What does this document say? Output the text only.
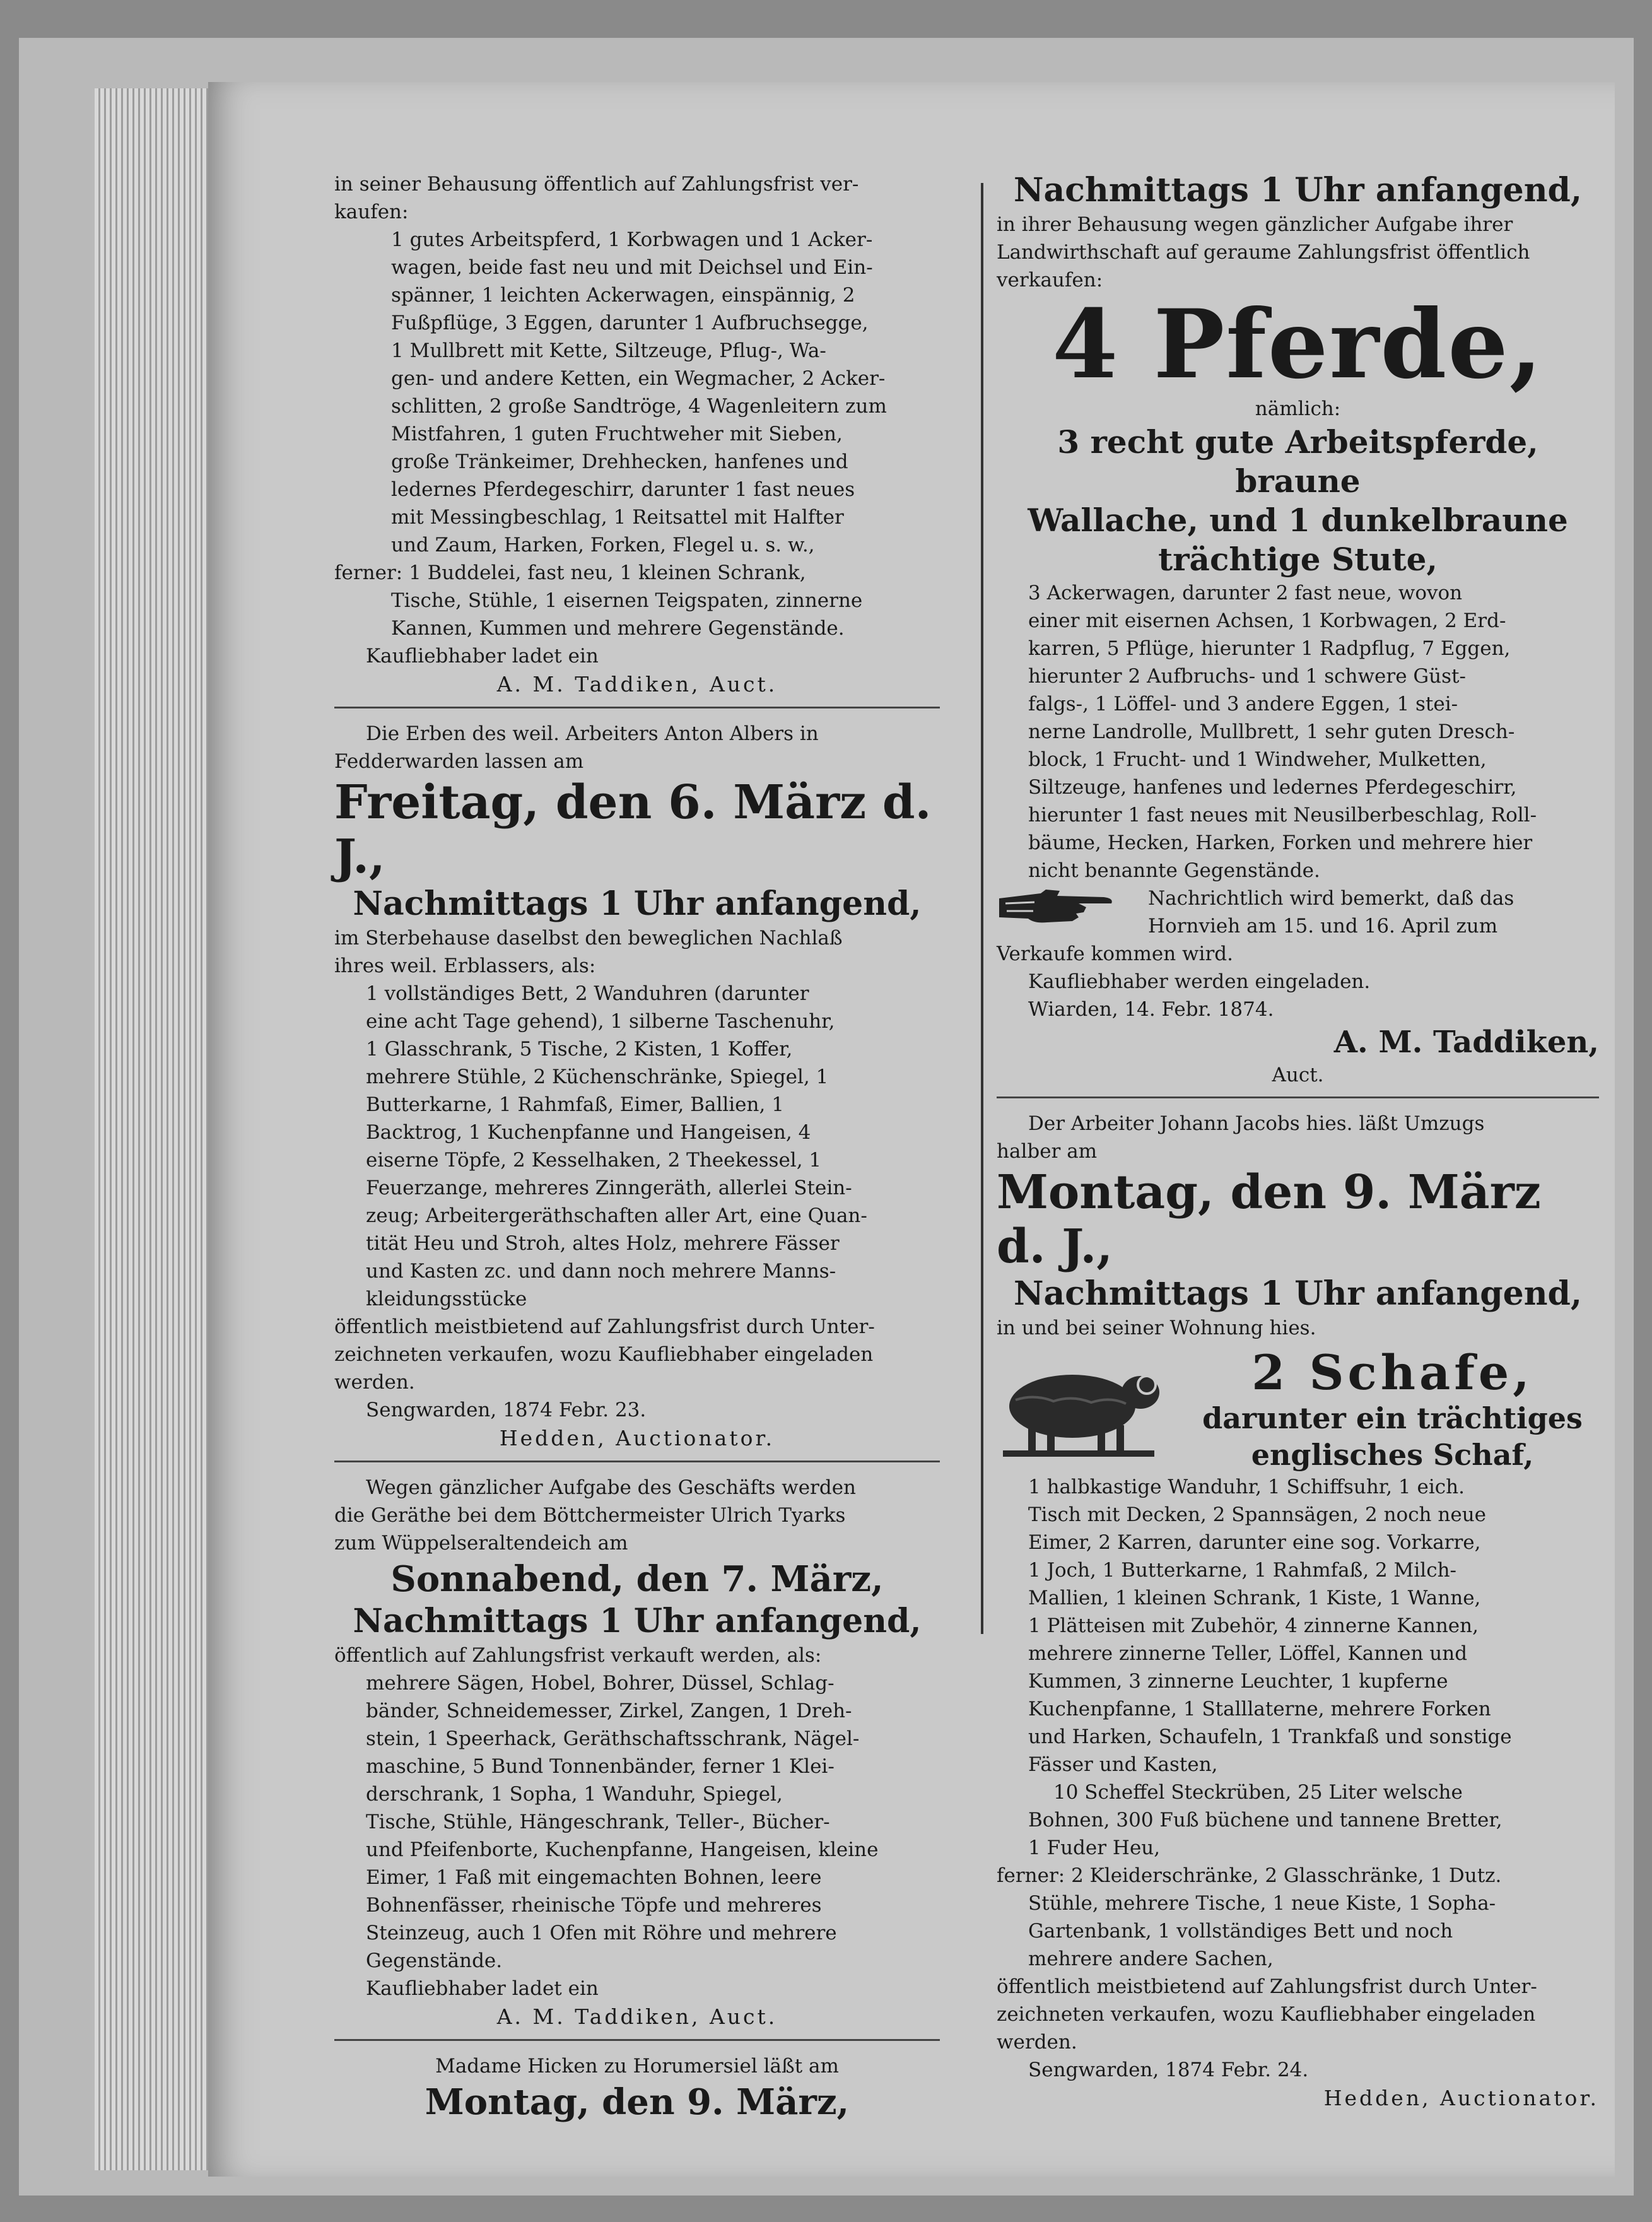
in seiner Behausung öffentlich auf Zahlungsfrist ver-

kaufen:

1 gutes Arbeitspferd, 1 Korbwagen und 1 Acker-

wagen, beide fast neu und mit Deichsel und Ein-

spänner, 1 leichten Ackerwagen, einspännig, 2

Fußpflüge, 3 Eggen, darunter 1 Aufbruchsegge,

1 Mullbrett mit Kette, Siltzeuge, Pflug-, Wa-

gen- und andere Ketten, ein Wegmacher, 2 Acker-

schlitten, 2 große Sandtröge, 4 Wagenleitern zum

Mistfahren, 1 guten Fruchtweher mit Sieben,

große Tränkeimer, Drehhecken, hanfenes und

ledernes Pferdegeschirr, darunter 1 fast neues

mit Messingbeschlag, 1 Reitsattel mit Halfter

und Zaum, Harken, Forken, Flegel u. s. w.,

ferner: 1 Buddelei, fast neu, 1 kleinen Schrank,

Tische, Stühle, 1 eisernen Teigspaten, zinnerne

Kannen, Kummen und mehrere Gegenstände.

Kaufliebhaber ladet ein

A. M. Taddiken, Auct.

Die Erben des weil. Arbeiters Anton Albers in

Fedderwarden lassen am

Freitag, den 6. März d. J.,

Nachmittags 1 Uhr anfangend,

im Sterbehause daselbst den beweglichen Nachlaß

ihres weil. Erblassers, als:

1 vollständiges Bett, 2 Wanduhren (darunter

eine acht Tage gehend), 1 silberne Taschenuhr,

1 Glasschrank, 5 Tische, 2 Kisten, 1 Koffer,

mehrere Stühle, 2 Küchenschränke, Spiegel, 1

Butterkarne, 1 Rahmfaß, Eimer, Ballien, 1

Backtrog, 1 Kuchenpfanne und Hangeisen, 4

eiserne Töpfe, 2 Kesselhaken, 2 Theekessel, 1

Feuerzange, mehreres Zinngeräth, allerlei Stein-

zeug; Arbeitergeräthschaften aller Art, eine Quan-

tität Heu und Stroh, altes Holz, mehrere Fässer

und Kasten zc. und dann noch mehrere Manns-

kleidungsstücke

öffentlich meistbietend auf Zahlungsfrist durch Unter-

zeichneten verkaufen, wozu Kaufliebhaber eingeladen

werden.

Sengwarden, 1874 Febr. 23.

Hedden, Auctionator.

Wegen gänzlicher Aufgabe des Geschäfts werden

die Geräthe bei dem Böttchermeister Ulrich Tyarks

zum Wüppelseraltendeich am

Sonnabend, den 7. März,

Nachmittags 1 Uhr anfangend,

öffentlich auf Zahlungsfrist verkauft werden, als:

mehrere Sägen, Hobel, Bohrer, Düssel, Schlag-

bänder, Schneidemesser, Zirkel, Zangen, 1 Dreh-

stein, 1 Speerhack, Geräthschaftsschrank, Nägel-

maschine, 5 Bund Tonnenbänder, ferner 1 Klei-

derschrank, 1 Sopha, 1 Wanduhr, Spiegel,

Tische, Stühle, Hängeschrank, Teller-, Bücher-

und Pfeifenborte, Kuchenpfanne, Hangeisen, kleine

Eimer, 1 Faß mit eingemachten Bohnen, leere

Bohnenfässer, rheinische Töpfe und mehreres

Steinzeug, auch 1 Ofen mit Röhre und mehrere

Gegenstände.

Kaufliebhaber ladet ein

A. M. Taddiken, Auct.

Madame Hicken zu Horumersiel läßt am

Montag, den 9. März,

Nachmittags 1 Uhr anfangend,

in ihrer Behausung wegen gänzlicher Aufgabe ihrer

Landwirthschaft auf geraume Zahlungsfrist öffentlich

verkaufen:

4 Pferde,

nämlich:

3 recht gute Arbeitspferde, braune

Wallache, und 1 dunkelbraune

trächtige Stute,

3 Ackerwagen, darunter 2 fast neue, wovon

einer mit eisernen Achsen, 1 Korbwagen, 2 Erd-

karren, 5 Pflüge, hierunter 1 Radpflug, 7 Eggen,

hierunter 2 Aufbruchs- und 1 schwere Güst-

falgs-, 1 Löffel- und 3 andere Eggen, 1 stei-

nerne Landrolle, Mullbrett, 1 sehr guten Dresch-

block, 1 Frucht- und 1 Windweher, Mulketten,

Siltzeuge, hanfenes und ledernes Pferdegeschirr,

hierunter 1 fast neues mit Neusilberbeschlag, Roll-

bäume, Hecken, Harken, Forken und mehrere hier

nicht benannte Gegenstände.

Nachrichtlich wird bemerkt, daß das

Hornvieh am 15. und 16. April zum

Verkaufe kommen wird.

Kaufliebhaber werden eingeladen.

Wiarden, 14. Febr. 1874.

A. M. Taddiken,

Auct.

Der Arbeiter Johann Jacobs hies. läßt Umzugs

halber am

Montag, den 9. März d. J.,

Nachmittags 1 Uhr anfangend,

in und bei seiner Wohnung hies.

2 Schafe,

darunter ein trächtiges

englisches Schaf,

1 halbkastige Wanduhr, 1 Schiffsuhr, 1 eich.

Tisch mit Decken, 2 Spannsägen, 2 noch neue

Eimer, 2 Karren, darunter eine sog. Vorkarre,

1 Joch, 1 Butterkarne, 1 Rahmfaß, 2 Milch-

Mallien, 1 kleinen Schrank, 1 Kiste, 1 Wanne,

1 Plätteisen mit Zubehör, 4 zinnerne Kannen,

mehrere zinnerne Teller, Löffel, Kannen und

Kummen, 3 zinnerne Leuchter, 1 kupferne

Kuchenpfanne, 1 Stalllaterne, mehrere Forken

und Harken, Schaufeln, 1 Trankfaß und sonstige

Fässer und Kasten,

10 Scheffel Steckrüben, 25 Liter welsche

Bohnen, 300 Fuß büchene und tannene Bretter,

1 Fuder Heu,

ferner: 2 Kleiderschränke, 2 Glasschränke, 1 Dutz.

Stühle, mehrere Tische, 1 neue Kiste, 1 Sopha-

Gartenbank, 1 vollständiges Bett und noch

mehrere andere Sachen,

öffentlich meistbietend auf Zahlungsfrist durch Unter-

zeichneten verkaufen, wozu Kaufliebhaber eingeladen

werden.

Sengwarden, 1874 Febr. 24.

Hedden, Auctionator.
